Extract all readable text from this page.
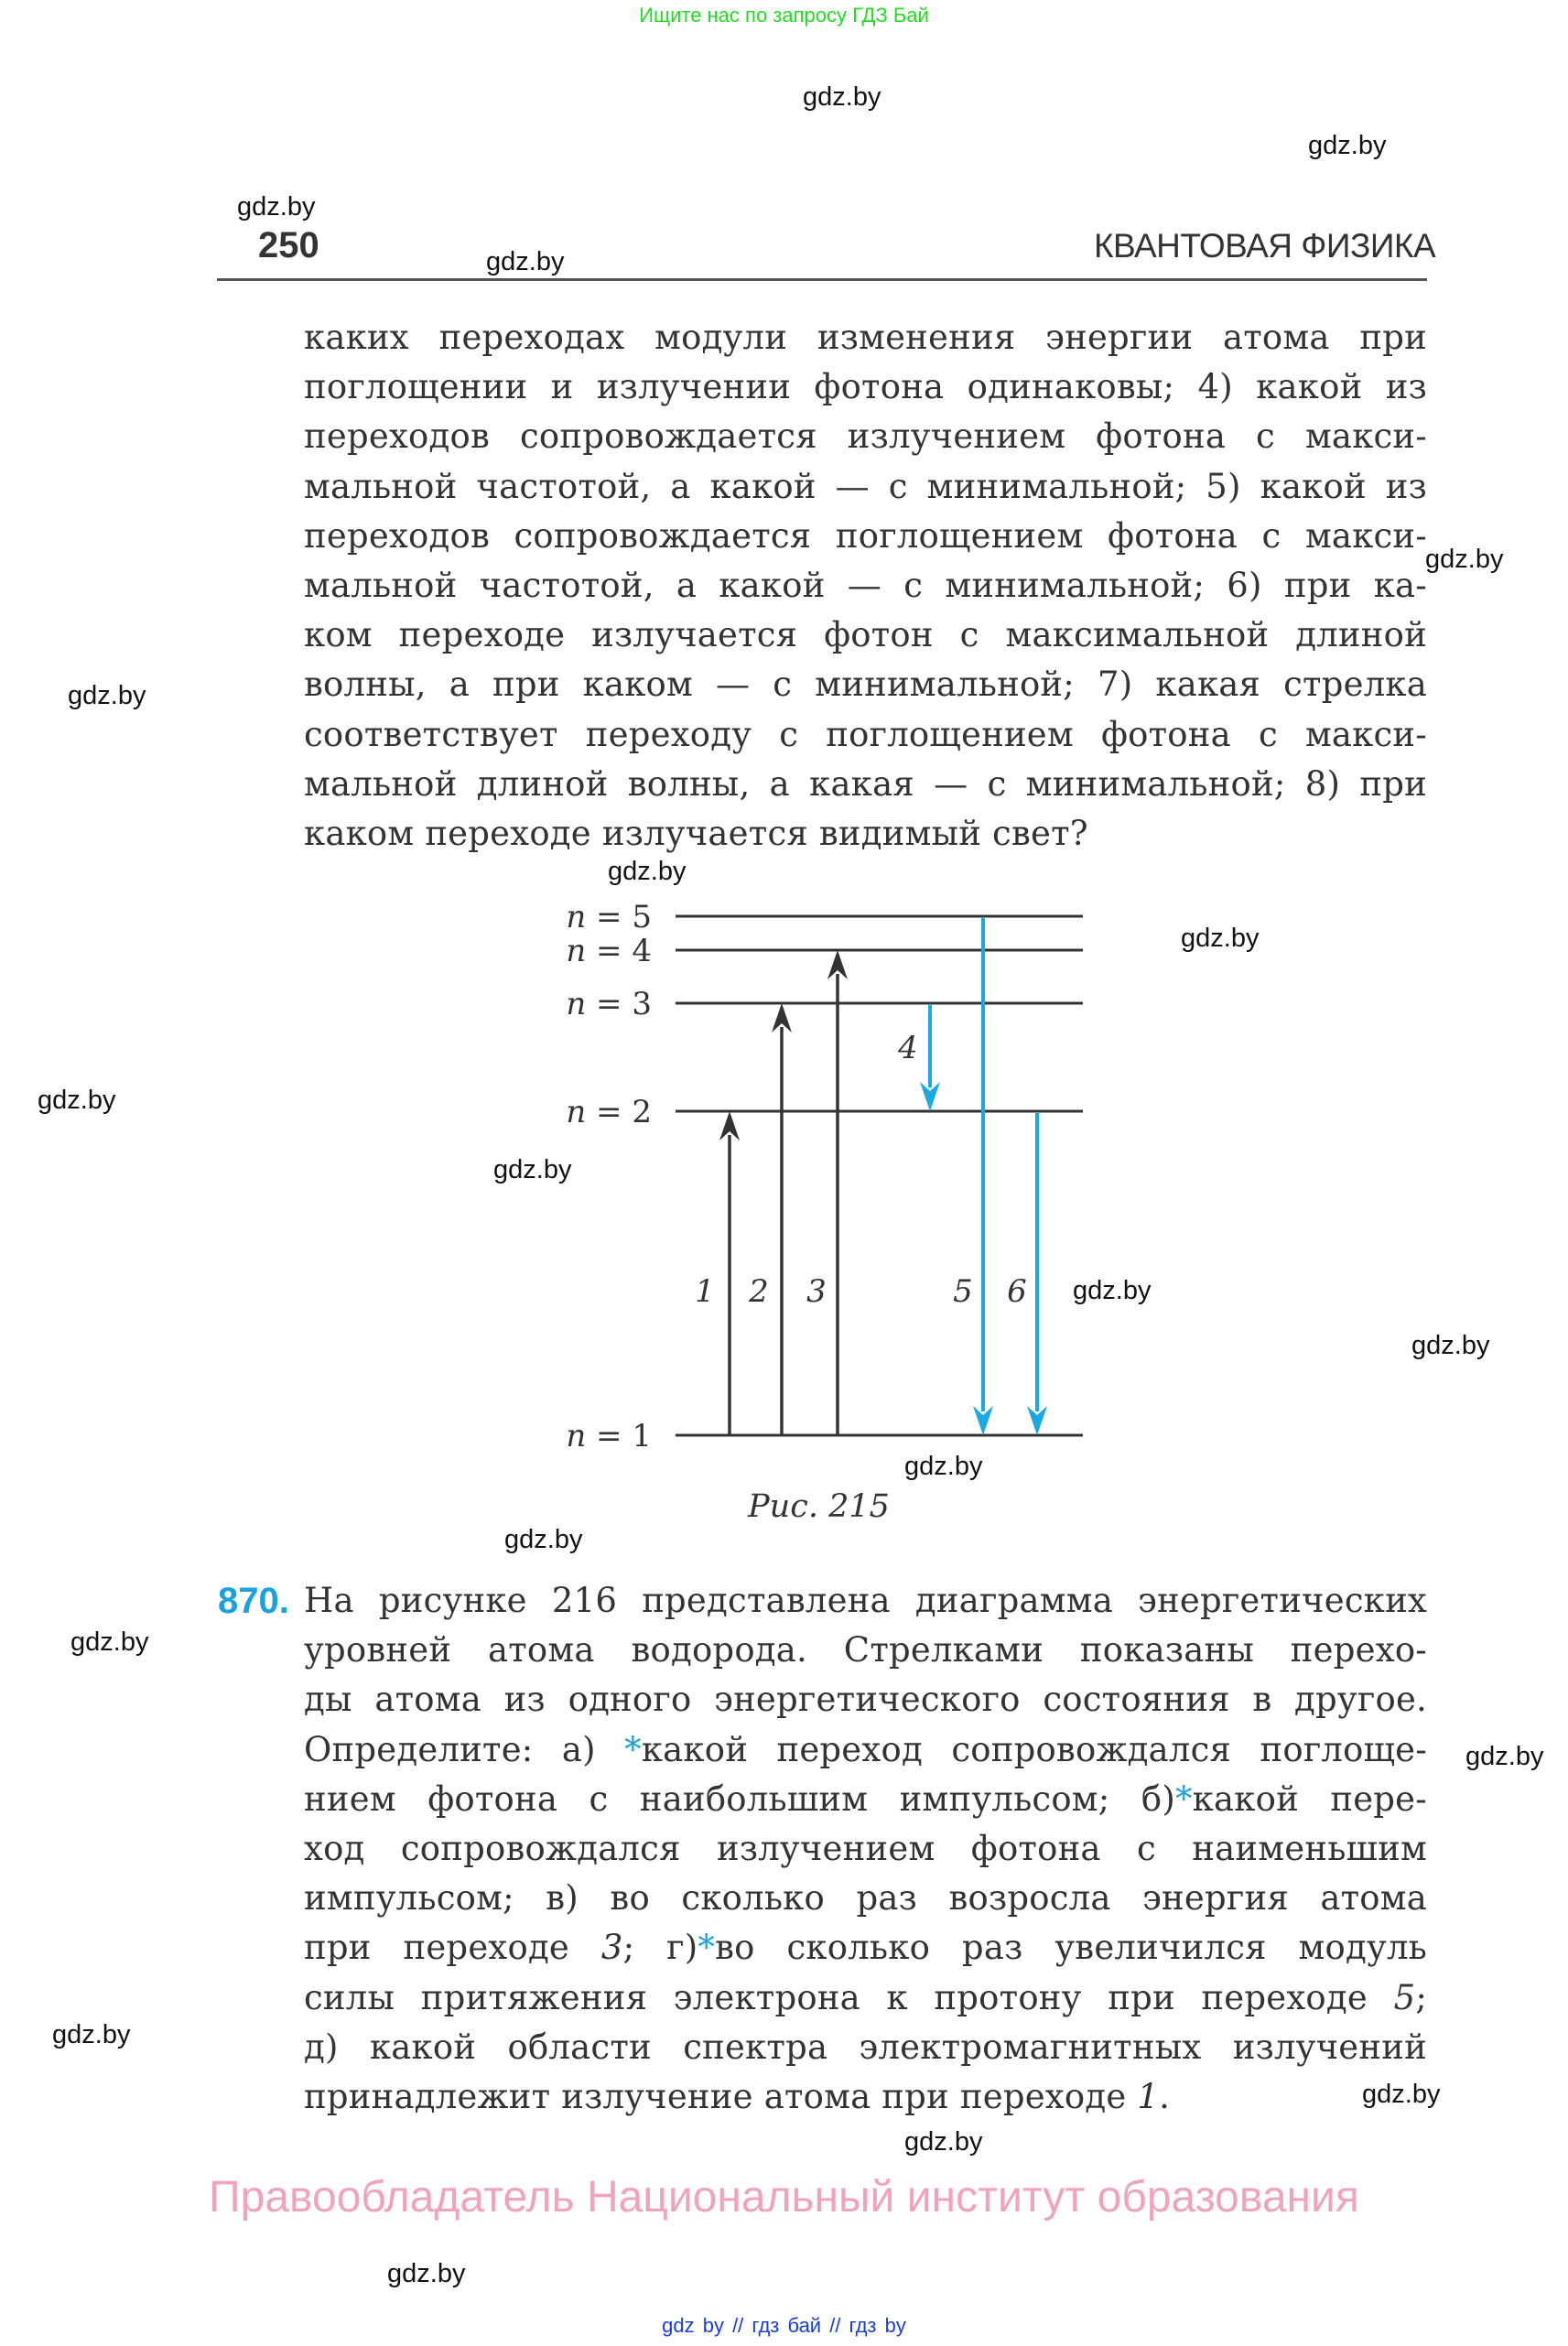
Ищите нас по запросу ГДЗ Бай
gdz.by
gdz.by
gdz.by
gdz.by
gdz.by
gdz.by
gdz.by
gdz.by
gdz.by
gdz.by
gdz.by
gdz.by
gdz.by
gdz.by
gdz.by
gdz.by
gdz.by
gdz.by
gdz.by
gdz.by
250	КВАНТОВАЯ ФИЗИКА
каких переходах модули изменения энергии атома при
поглощении и излучении фотона одинаковы; 4) какой из
переходов сопровождается излучением фотона с макси-
мальной частотой, а какой — с минимальной; 5) какой из
переходов сопровождается поглощением фотона с макси-
мальной частотой, а какой — с минимальной; 6) при ка-
ком переходе излучается фотон с максимальной длиной
волны, а при каком — с минимальной; 7) какая стрелка
соответствует переходу с поглощением фотона с макси-
мальной длиной волны, а какая — с минимальной; 8) при
каком переходе излучается видимый свет?
n = 5
n = 4
n = 3
n = 2
n = 1
1 2 3
4
5 6
Рис. 215
870. На рисунке 216 представлена диаграмма энергетических
уровней атома водорода. Стрелками показаны перехо-
ды атома из одного энергетического состояния в другое.
Определите: а) *какой переход сопровождался поглоще-
нием фотона с наибольшим импульсом; б)*какой пере-
ход сопровождался излучением фотона с наименьшим
импульсом; в) во сколько раз возросла энергия атома
при переходе 3; г)*во сколько раз увеличился модуль
силы притяжения электрона к протону при переходе 5;
д) какой области спектра электромагнитных излучений
принадлежит излучение атома при переходе 1.
Правообладатель Национальный институт образования
gdz by // гдз бай // гдз by
